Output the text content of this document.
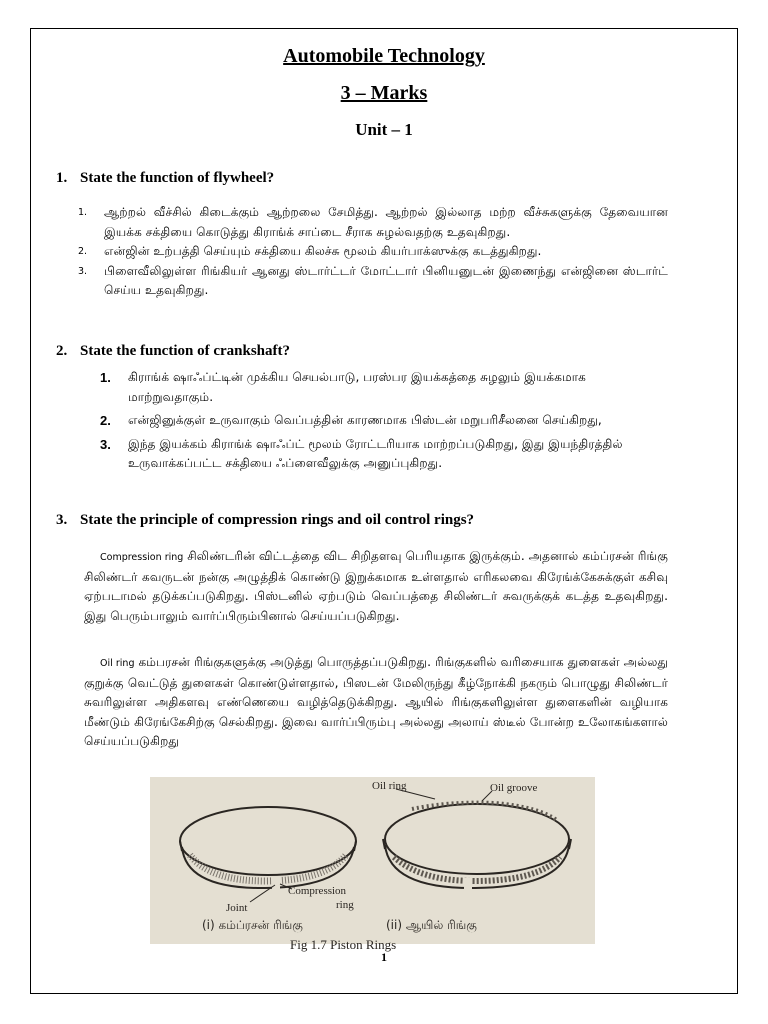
Automobile Technology
3 – Marks
Unit – 1
1. State the function of flywheel?
1. ஆற்றல் வீச்சில் கிடைக்கும் ஆற்றலை சேமித்து. ஆற்றல் இல்லாத மற்ற வீச்சுகளுக்கு தேவையான இயக்க சக்தியை கொடுத்து கிராங்க் சாப்டை சீராக சுழல்வதற்கு உதவுகிறது.
2. என்ஜின் உற்பத்தி செய்யும் சக்தியை கிலச்சு மூலம் கியர்பாக்ஸுக்கு கடத்துகிறது.
3. பிளைவீலிலுள்ள ரிங்கியர் ஆனது ஸ்டார்ட்டர் மோட்டார் பினியனுடன் இணைந்து என்ஜினை ஸ்டார்ட் செய்ய உதவுகிறது.
2. State the function of crankshaft?
1. கிராங்க் ஷாஃப்ட்டின் முக்கிய செயல்பாடு, பரஸ்பர இயக்கத்தை சுழலும் இயக்கமாக மாற்றுவதாகும்.
2. என்ஜினுக்குள் உருவாகும் வெப்பத்தின் காரணமாக பிஸ்டன் மறுபரிசீலனை செய்கிறது,
3. இந்த இயக்கம் கிராங்க் ஷாஃப்ட் மூலம் ரோட்டரியாக மாற்றப்படுகிறது, இது இயந்திரத்தில் உருவாக்கப்பட்ட சக்தியை ஃப்ளைவீலுக்கு அனுப்புகிறது.
3. State the principle of compression rings and oil control rings?

Compression ring சிலிண்டரின் விட்டத்தை விட சிறிதளவு பெரியதாக இருக்கும். அதனால் கம்ப்ரசன் ரிங்கு சிலிண்டர் கவருடன் நன்கு அழுத்திக் கொண்டு இறுக்கமாக உள்ளதால் எரிகலவை கிரேங்க்கேசுக்குள் கசிவு ஏற்படாமல் தடுக்கப்படுகிறது. பிஸ்டனில் ஏற்படும் வெப்பத்தை சிலிண்டர் சுவருக்குக் கடத்த உதவுகிறது. இது பெரும்பாலும் வார்ப்பிரும்பினால் செய்யப்படுகிறது.

Oil ring கம்பரசன் ரிங்குகளுக்கு அடுத்து பொருத்தப்படுகிறது. ரிங்குகளில் வரிசையாக துளைகள் அல்லது குறுக்கு வெட்டுத் துளைகள் கொண்டுள்ளதால், பிஸடன் மேலிருந்து கீழ்நோக்கி நகரும் பொழுது சிலிண்டர் சுவரிலுள்ள அதிகளவு எண்ணெயை வழித்தெடுக்கிறது. ஆயில் ரிங்குகளிலுள்ள துளைகளின் வழியாக மீண்டும் கிரேங்கேசிற்கு செல்கிறது. இவை வார்ப்பிரும்பு அல்லது அலாய் ஸ்டீல் போன்ற உலோகங்களால் செய்யப்படுகிறது

Oil ring	Oil groove
Joint
Compression
ring
(i) கம்ப்ரசன் ரிங்கு	(ii) ஆயில் ரிங்கு
Fig 1.7 Piston Rings
1
